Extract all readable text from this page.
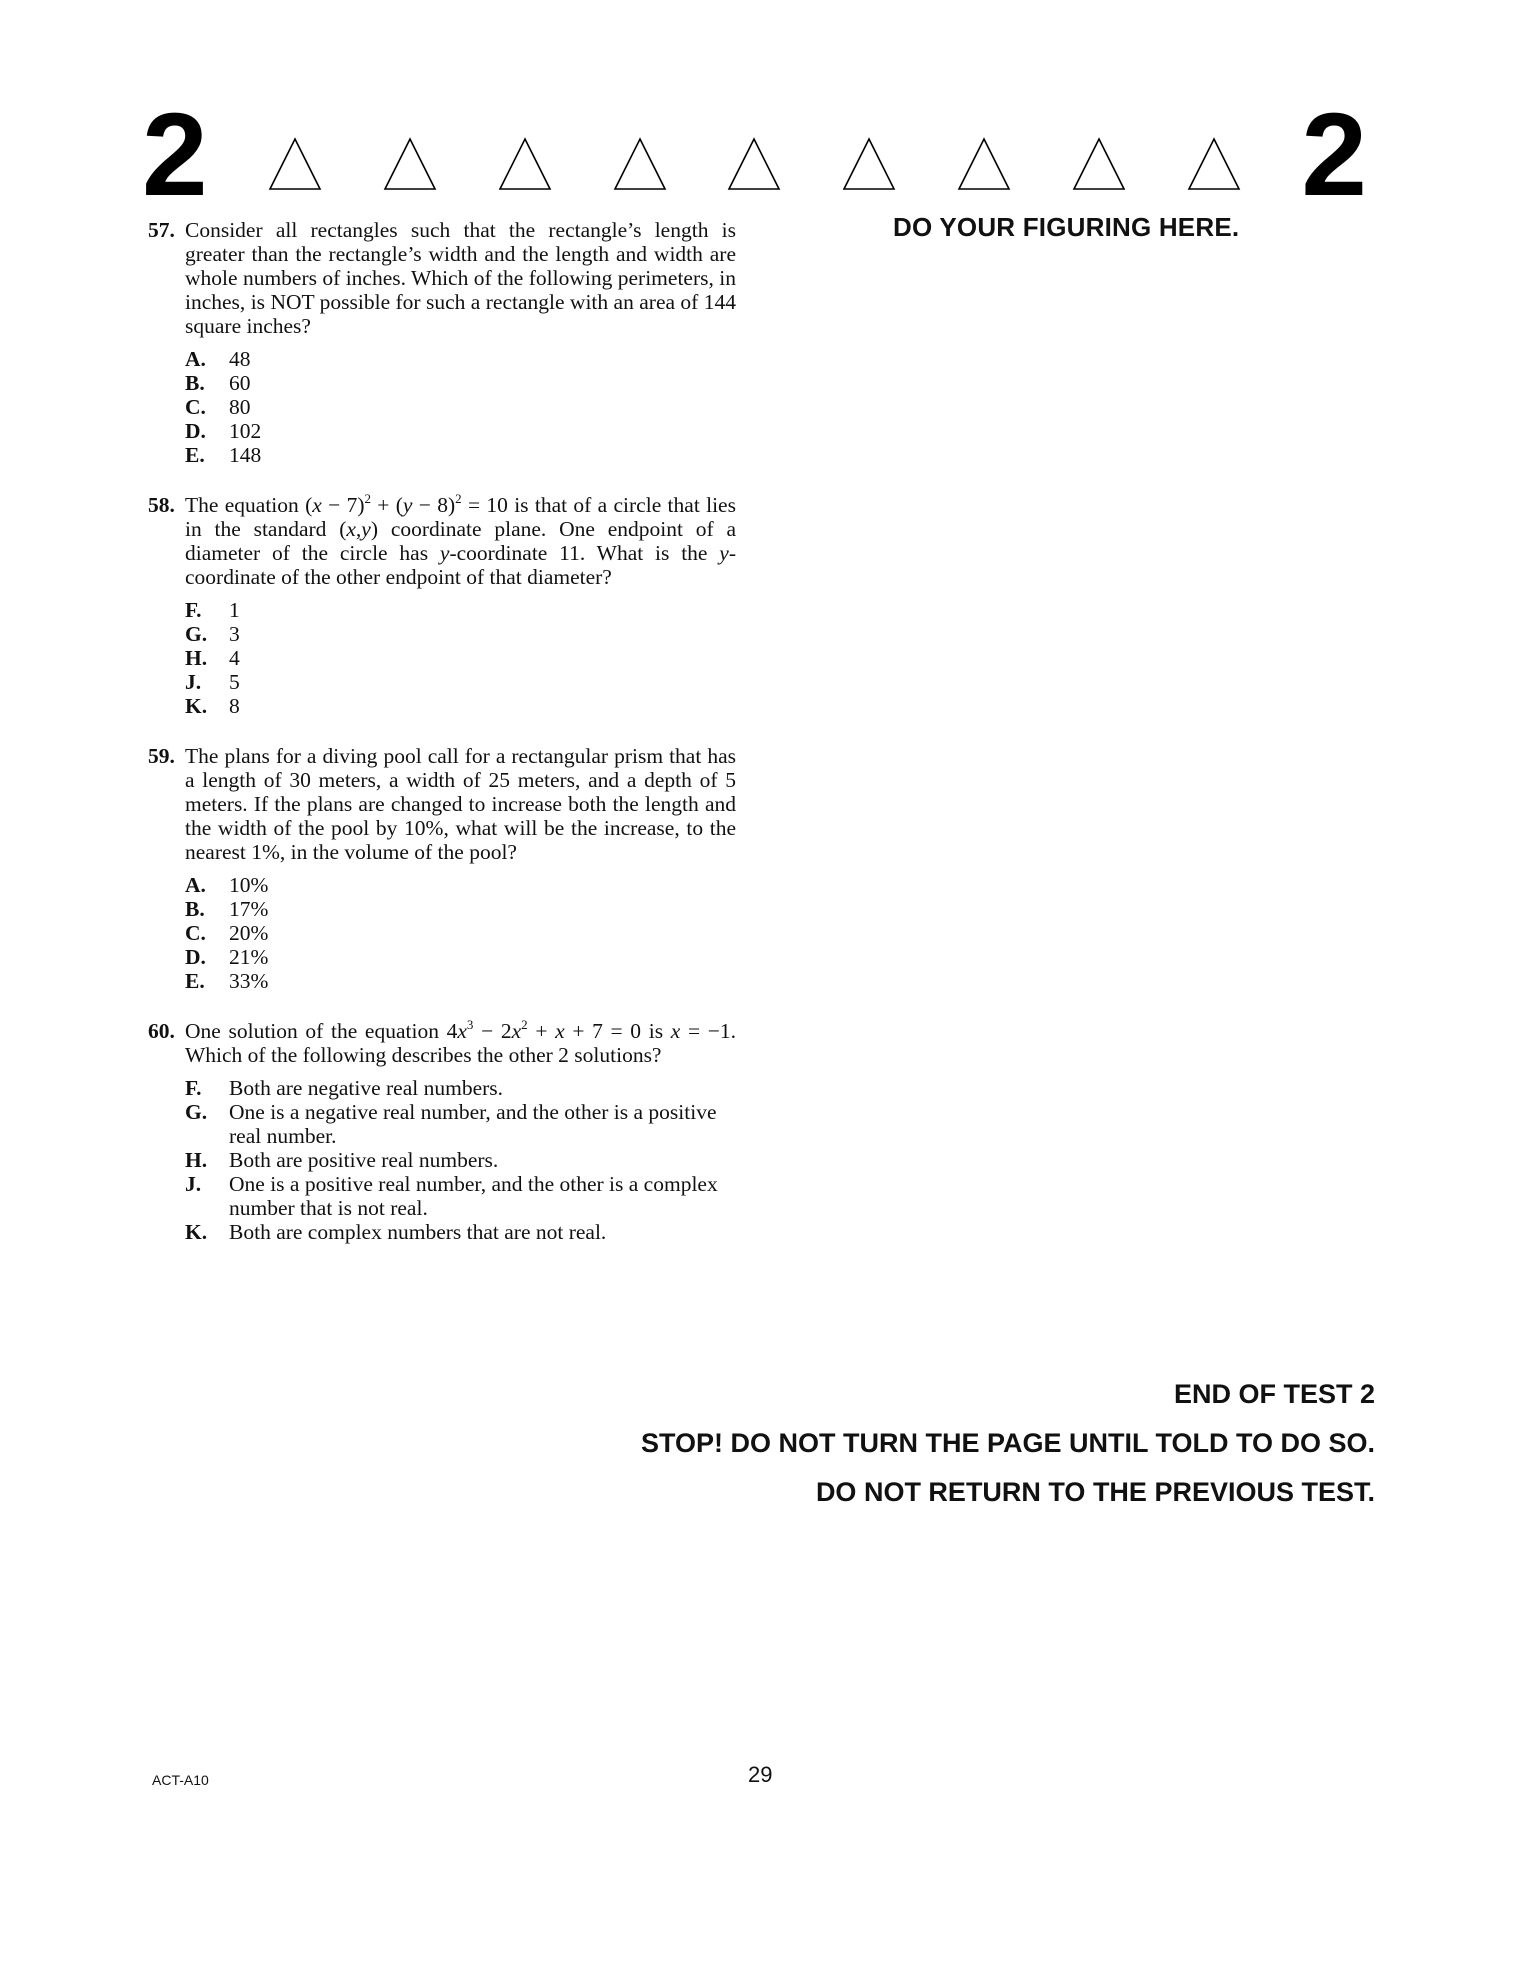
2	2
DO YOUR FIGURING HERE.
57. Consider all rectangles such that the rectangle’s length is greater than the rectangle’s width and the length and width are whole numbers of inches. Which of the following perimeters, in inches, is NOT possible for such a rectangle with an area of 144 square inches?
A.	48
B.	60
C.	80
D.	102
E.	148
58. The equation $(x - 7)^2 + (y - 8)^2 = 10$ is that of a circle that lies in the standard (x,y) coordinate plane. One endpoint of a diameter of the circle has y-coordinate 11. What is the y-coordinate of the other endpoint of that diameter?
F.	1
G.	3
H.	4
J.	5
K.	8
59. The plans for a diving pool call for a rectangular prism that has a length of 30 meters, a width of 25 meters, and a depth of 5 meters. If the plans are changed to increase both the length and the width of the pool by 10%, what will be the increase, to the nearest 1%, in the volume of the pool?
A.	10%
B.	17%
C.	20%
D.	21%
E.	33%
60. One solution of the equation $4x^3 - 2x^2 + x + 7 = 0$ is x = −1. Which of the following describes the other 2 solutions?
F.	Both are negative real numbers.
G.	One is a negative real number, and the other is a positive real number.
H.	Both are positive real numbers.
J.	One is a positive real number, and the other is a complex number that is not real.
K.	Both are complex numbers that are not real.
END OF TEST 2
STOP! DO NOT TURN THE PAGE UNTIL TOLD TO DO SO.
DO NOT RETURN TO THE PREVIOUS TEST.
ACT-A10	29
